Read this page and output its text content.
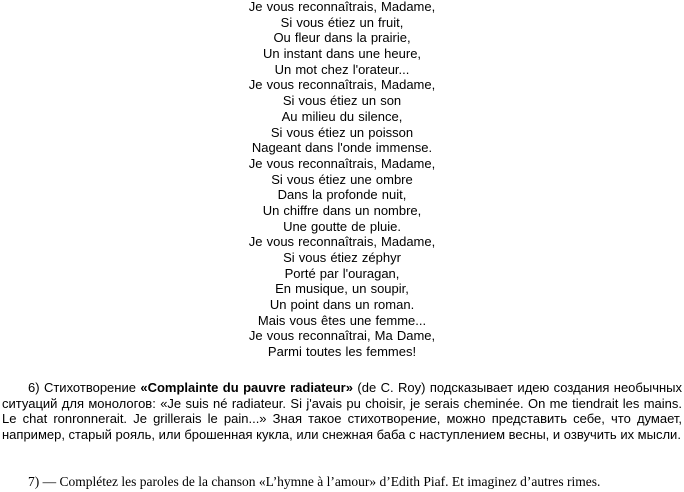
Je vous reconnaîtrais, Madame,
Si vous étiez un fruit,
Ou fleur dans la prairie,
Un instant dans une heure,
Un mot chez l'orateur...
Je vous reconnaîtrais, Madame,
Si vous étiez un son
Au milieu du silence,
Si vous étiez un poisson
Nageant dans l'onde immense.
Je vous reconnaîtrais, Madame,
Si vous étiez une ombre
Dans la profonde nuit,
Un chiffre dans un nombre,
Une goutte de pluie.
Je vous reconnaîtrais, Madame,
Si vous étiez zéphyr
Porté par l'ouragan,
En musique, un soupir,
Un point dans un roman.
Mais vous êtes une femme...
Je vous reconnaîtrai, Ma Dame,
Parmi toutes les femmes!

6) Стихотворение «Complainte du pauvre radiateur» (de C. Roy) подсказывает идею создания необычных ситуаций для монологов: «Je suis né radiateur. Si j'avais pu choisir, je serais cheminée. On me tiendrait les mains. Le chat ronronnerait. Je grillerais le pain...» Зная такое стихотворение, можно представить себе, что думает, например, старый рояль, или брошенная кукла, или снежная баба с наступлением весны, и озвучить их мысли.

7) — Complétez les paroles de la chanson «L’hymne à l’amour» d’Edith Piaf. Et imaginez d’autres rimes.
